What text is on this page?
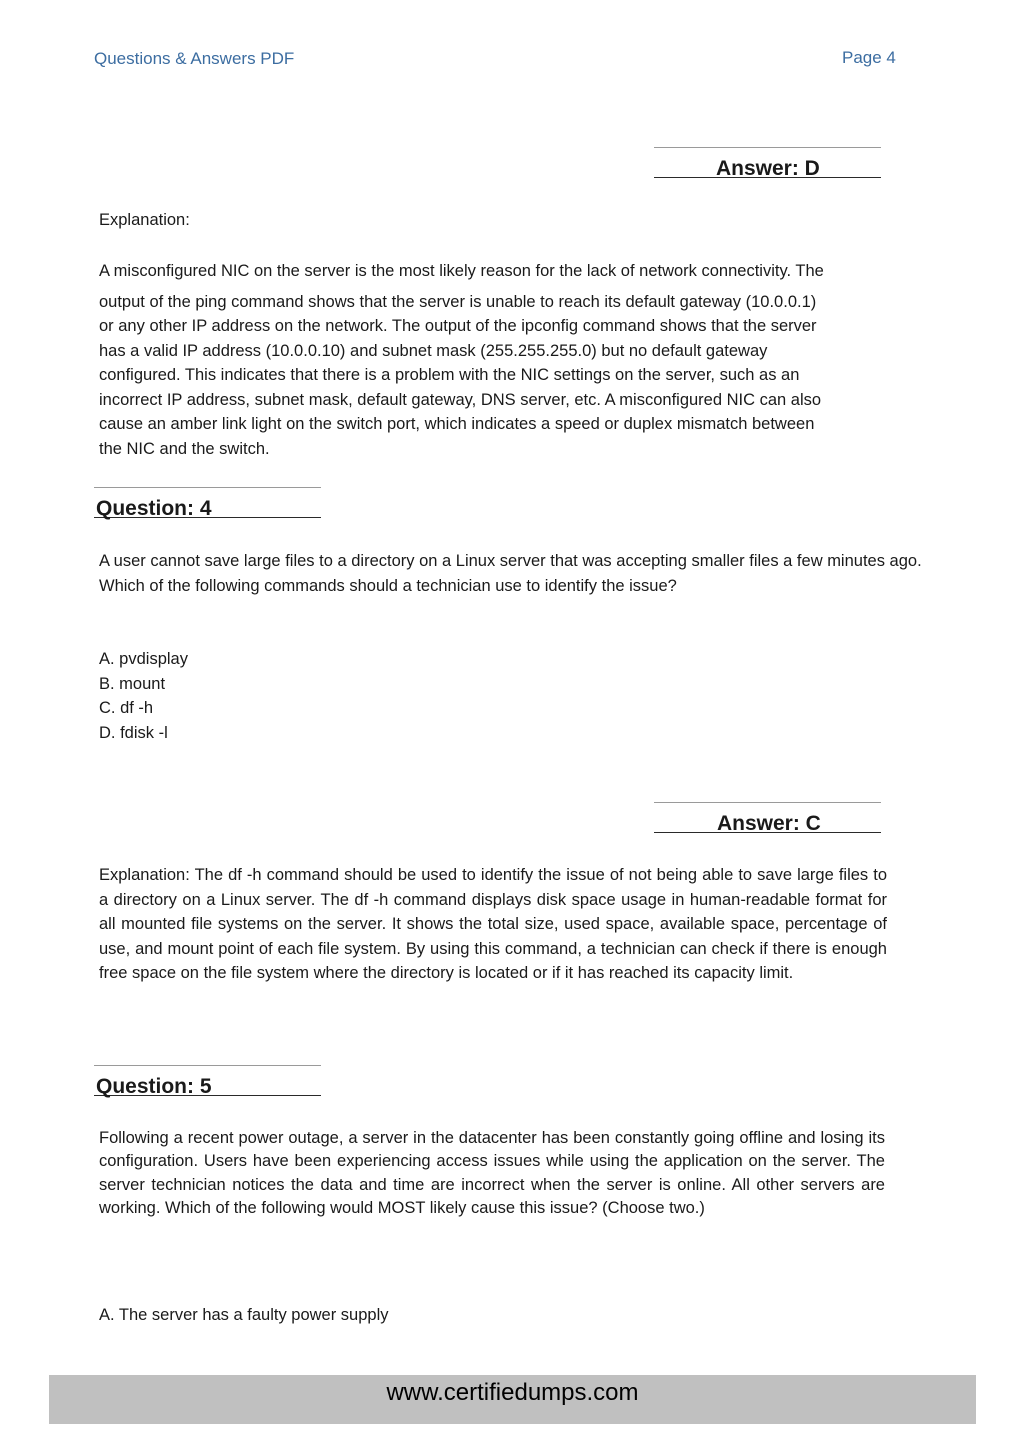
Questions & Answers PDF	Page 4
Answer: D
Explanation:
A misconfigured NIC on the server is the most likely reason for the lack of network connectivity. The
output of the ping command shows that the server is unable to reach its default gateway (10.0.0.1)
or any other IP address on the network. The output of the ipconfig command shows that the server
has a valid IP address (10.0.0.10) and subnet mask (255.255.255.0) but no default gateway
configured. This indicates that there is a problem with the NIC settings on the server, such as an
incorrect IP address, subnet mask, default gateway, DNS server, etc. A misconfigured NIC can also
cause an amber link light on the switch port, which indicates a speed or duplex mismatch between
the NIC and the switch.
Question: 4
A user cannot save large files to a directory on a Linux server that was accepting smaller files a few minutes ago. Which of the following commands should a technician use to identify the issue?
A. pvdisplay
B. mount
C. df -h
D. fdisk -l
Answer: C
Explanation: The df -h command should be used to identify the issue of not being able to save large files to a directory on a Linux server. The df -h command displays disk space usage in human-readable format for all mounted file systems on the server. It shows the total size, used space, available space, percentage of use, and mount point of each file system. By using this command, a technician can check if there is enough free space on the file system where the directory is located or if it has reached its capacity limit.
Question: 5
Following a recent power outage, a server in the datacenter has been constantly going offline and losing its configuration. Users have been experiencing access issues while using the application on the server. The server technician notices the data and time are incorrect when the server is online. All other servers are working. Which of the following would MOST likely cause this issue? (Choose two.)
A. The server has a faulty power supply
www.certifiedumps.com
